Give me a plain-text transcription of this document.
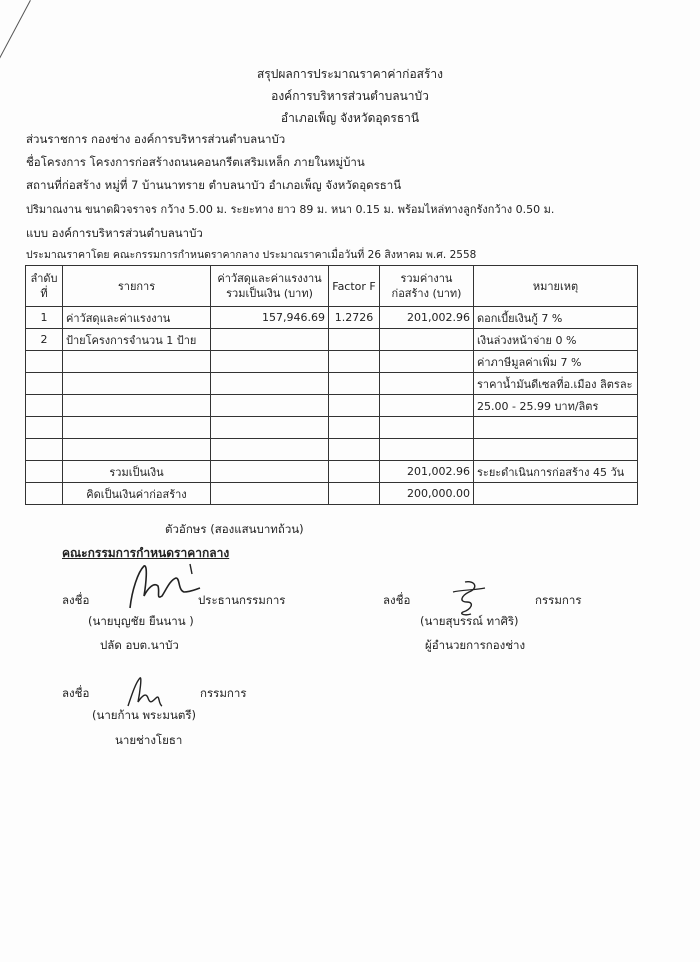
สรุปผลการประมาณราคาค่าก่อสร้าง
องค์การบริหารส่วนตำบลนาบัว
อำเภอเพ็ญ จังหวัดอุดรธานี
ส่วนราชการ กองช่าง องค์การบริหารส่วนตำบลนาบัว
ชื่อโครงการ โครงการก่อสร้างถนนคอนกรีตเสริมเหล็ก ภายในหมู่บ้าน
สถานที่ก่อสร้าง หมู่ที่ 7 บ้านนาทราย ตำบลนาบัว อำเภอเพ็ญ จังหวัดอุดรธานี
ปริมาณงาน ขนาดผิวจราจร กว้าง 5.00 ม. ระยะทาง ยาว 89 ม. หนา 0.15 ม. พร้อมไหล่ทางลูกรังกว้าง 0.50 ม.
แบบ องค์การบริหารส่วนตำบลนาบัว
ประมาณราคาโดย คณะกรรมการกำหนดราคากลาง ประมาณราคาเมื่อวันที่ 26 สิงหาคม พ.ศ. 2558
ลำดับที่	รายการ	ค่าวัสดุและค่าแรงงาน รวมเป็นเงิน (บาท)	Factor F	รวมค่างานก่อสร้าง (บาท)	หมายเหตุ
1	ค่าวัสดุและค่าแรงงาน	157,946.69	1.2726	201,002.96	ดอกเบี้ยเงินกู้ 7 %
2	ป้ายโครงการจำนวน 1 ป้าย				เงินล่วงหน้าจ่าย 0 %
					ค่าภาษีมูลค่าเพิ่ม 7 %
					ราคาน้ำมันดีเซลที่อ.เมือง ลิตรละ
					25.00 - 25.99 บาท/ลิตร

	รวมเป็นเงิน			201,002.96	ระยะดำเนินการก่อสร้าง 45 วัน
	คิดเป็นเงินค่าก่อสร้าง			200,000.00	
ตัวอักษร (สองแสนบาทถ้วน)
คณะกรรมการกำหนดราคากลาง
ลงชื่อ	ประธานกรรมการ
(นายบุญชัย ยืนนาน )
ปลัด อบต.นาบัว
ลงชื่อ	กรรมการ
(นายสุบรรณ์ ทาศิริ)
ผู้อำนวยการกองช่าง
ลงชื่อ	กรรมการ
(นายก้าน พระมนตรี)
นายช่างโยธา
